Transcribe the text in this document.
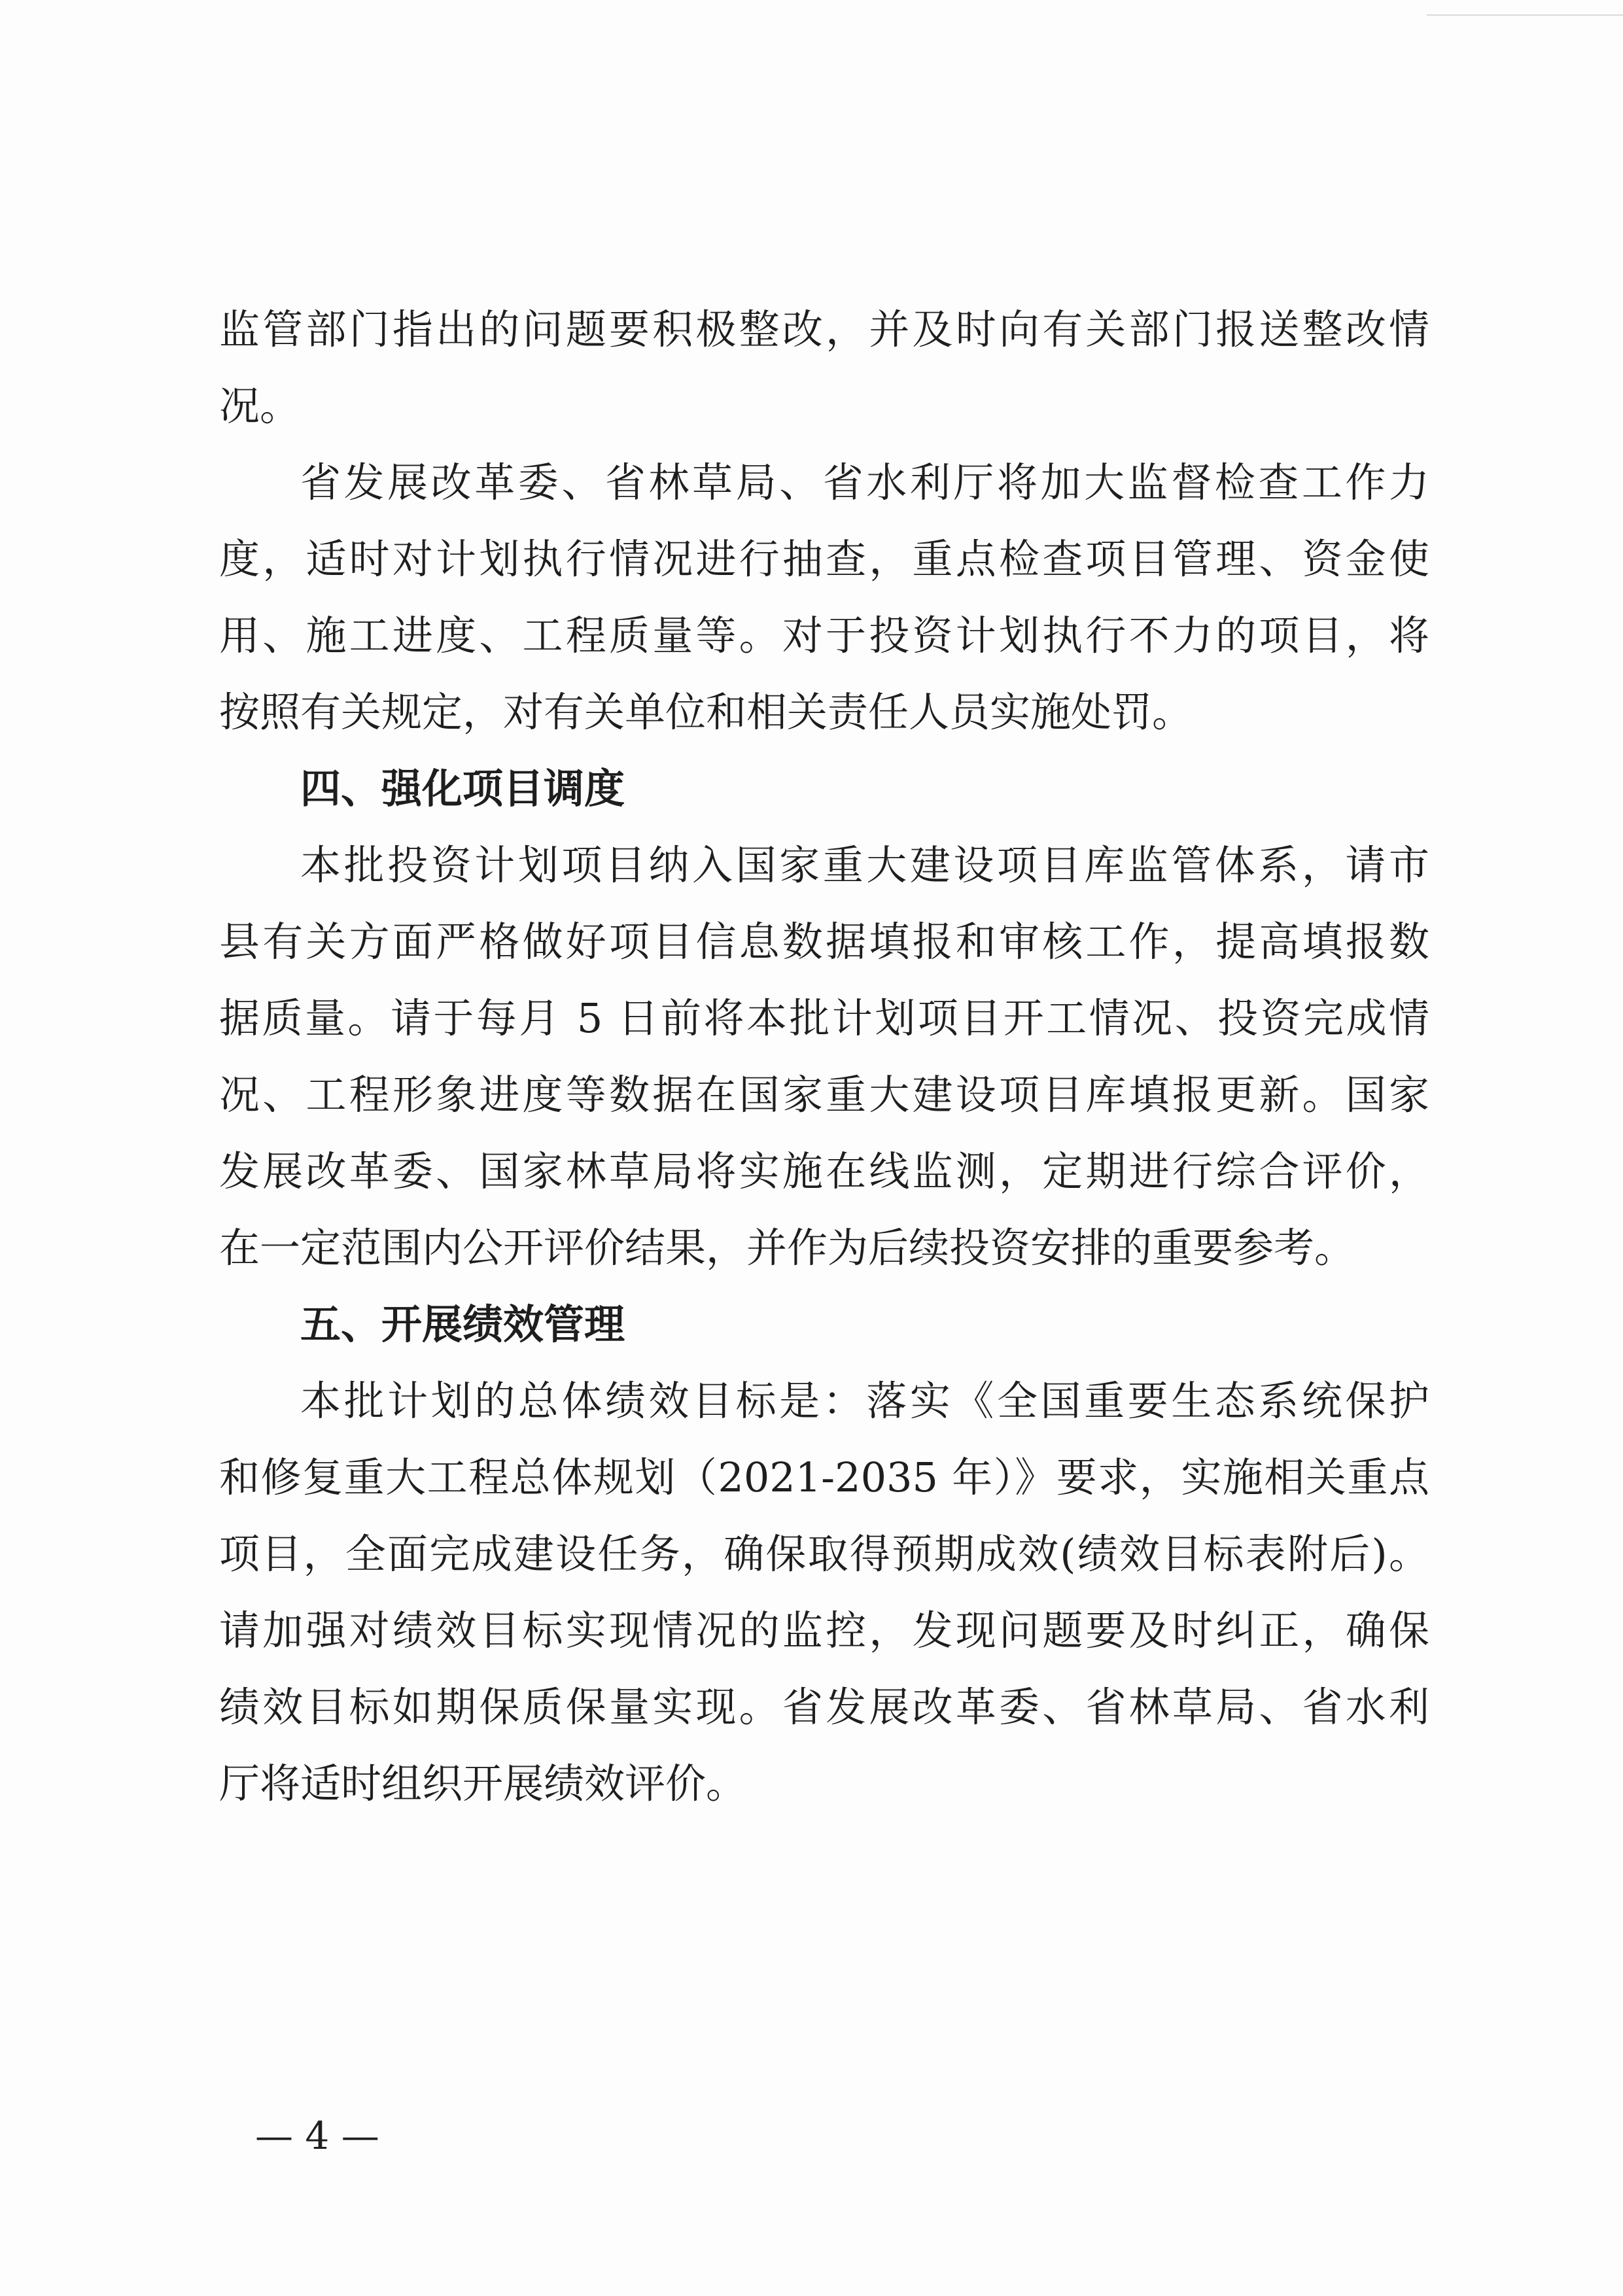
监管部门指出的问题要积极整改，并及时向有关部门报送整改情
况。
省发展改革委、省林草局、省水利厅将加大监督检查工作力
度，适时对计划执行情况进行抽查，重点检查项目管理、资金使
用、施工进度、工程质量等。对于投资计划执行不力的项目，将
按照有关规定，对有关单位和相关责任人员实施处罚。
四、强化项目调度
本批投资计划项目纳入国家重大建设项目库监管体系，请市
县有关方面严格做好项目信息数据填报和审核工作，提高填报数
据质量。请于每月 5 日前将本批计划项目开工情况、投资完成情
况、工程形象进度等数据在国家重大建设项目库填报更新。国家
发展改革委、国家林草局将实施在线监测，定期进行综合评价，
在一定范围内公开评价结果，并作为后续投资安排的重要参考。
五、开展绩效管理
本批计划的总体绩效目标是：落实《全国重要生态系统保护
和修复重大工程总体规划（2021-2035 年）》要求，实施相关重点
项目，全面完成建设任务，确保取得预期成效(绩效目标表附后)。
请加强对绩效目标实现情况的监控，发现问题要及时纠正，确保
绩效目标如期保质保量实现。省发展改革委、省林草局、省水利
厅将适时组织开展绩效评价。
— 4 —
